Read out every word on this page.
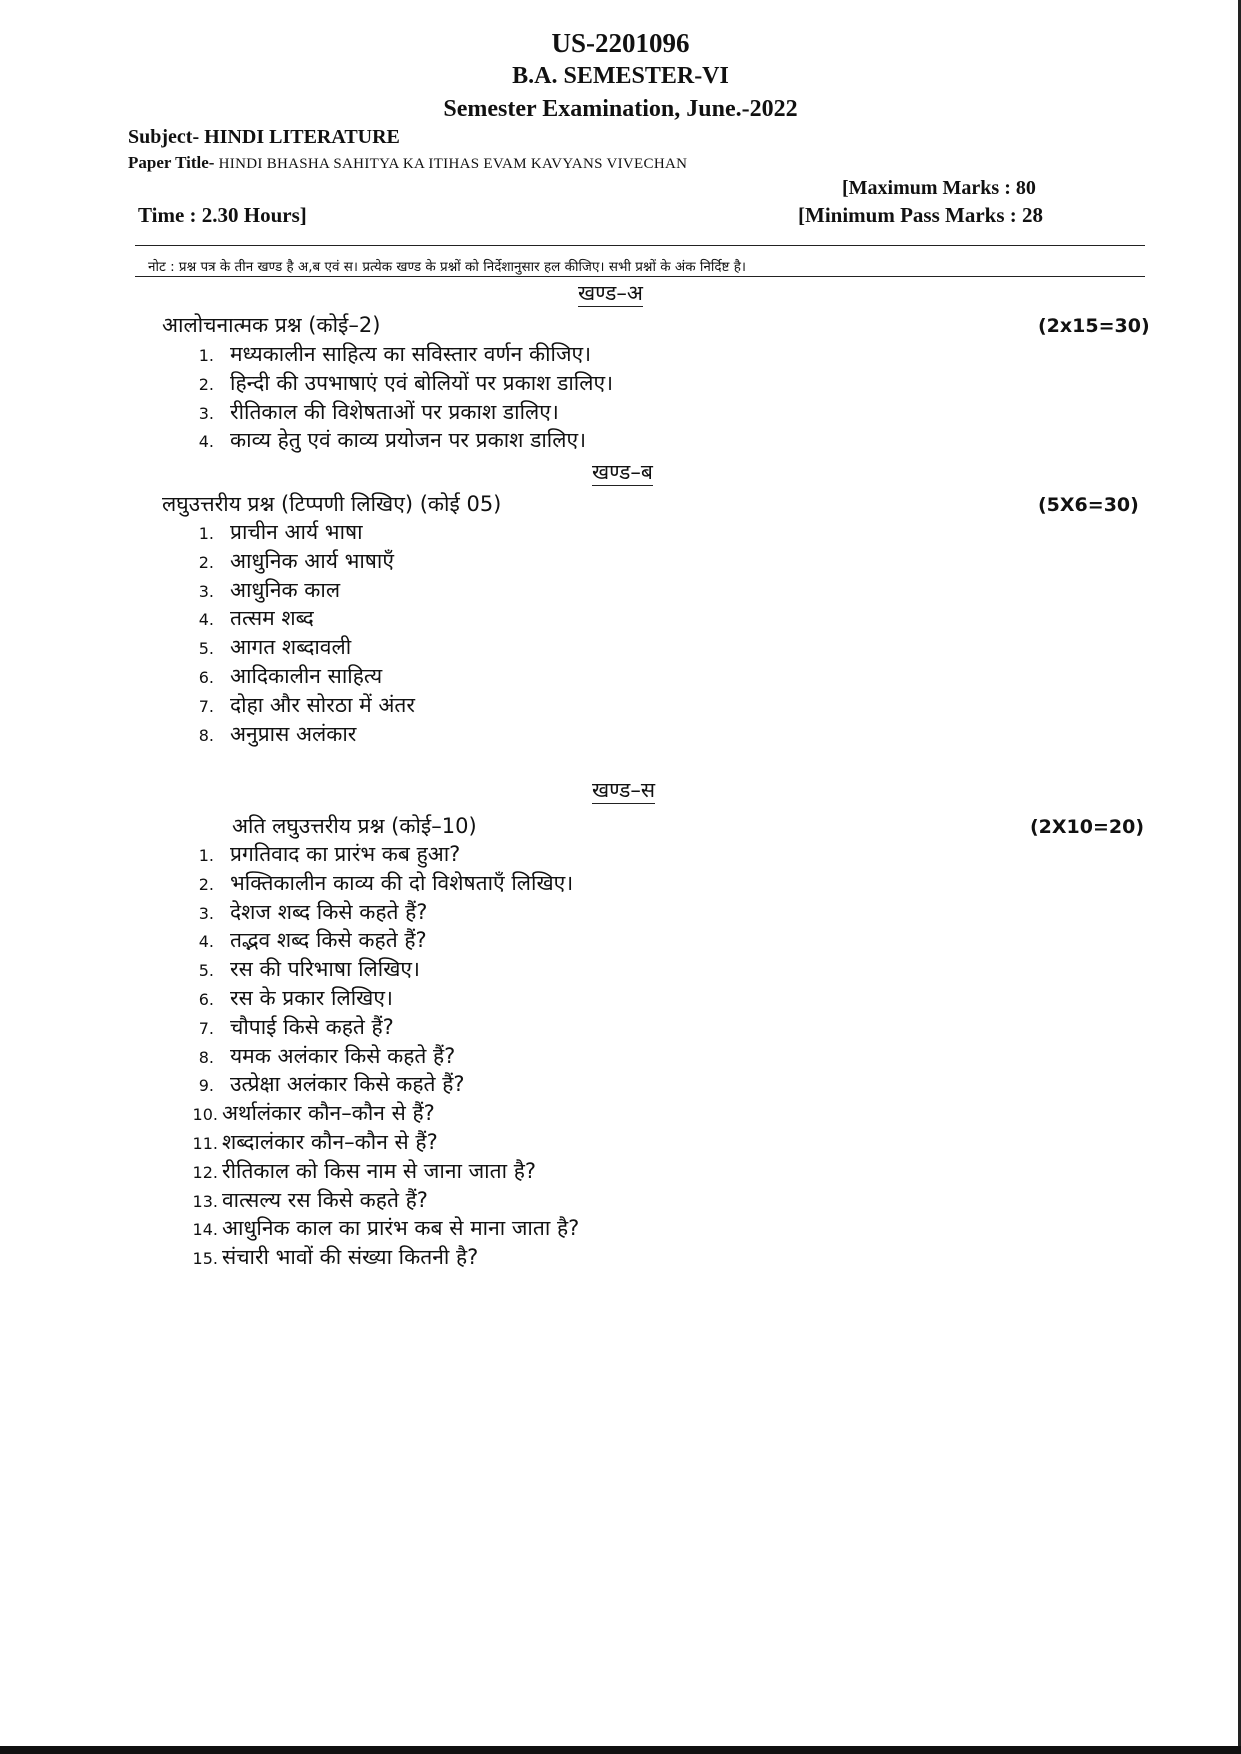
US-2201096
B.A. SEMESTER-VI
Semester Examination, June.-2022
Subject- HINDI LITERATURE
Paper Title- HINDI BHASHA SAHITYA KA ITIHAS EVAM KAVYANS VIVECHAN
[Maximum Marks : 80
Time : 2.30 Hours]	[Minimum Pass Marks : 28
नोट : प्रश्न पत्र के तीन खण्ड है अ,ब एवं स। प्रत्येक खण्ड के प्रश्नों को निर्देशानुसार हल कीजिए। सभी प्रश्नों के अंक निर्दिष्ट है।
खण्ड–अ
आलोचनात्मक प्रश्न (कोई–2)	(2x15=30)
1. मध्यकालीन साहित्य का सविस्तार वर्णन कीजिए।
2. हिन्दी की उपभाषाएं एवं बोलियों पर प्रकाश डालिए।
3. रीतिकाल की विशेषताओं पर प्रकाश डालिए।
4. काव्य हेतु एवं काव्य प्रयोजन पर प्रकाश डालिए।
खण्ड–ब
लघुउत्तरीय प्रश्न (टिप्पणी लिखिए) (कोई 05)	(5X6=30)
1. प्राचीन आर्य भाषा
2. आधुनिक आर्य भाषाएँ
3. आधुनिक काल
4. तत्सम शब्द
5. आगत शब्दावली
6. आदिकालीन साहित्य
7. दोहा और सोरठा में अंतर
8. अनुप्रास अलंकार
खण्ड–स
अति लघुउत्तरीय प्रश्न (कोई–10)	(2X10=20)
1. प्रगतिवाद का प्रारंभ कब हुआ?
2. भक्तिकालीन काव्य की दो विशेषताएँ लिखिए।
3. देशज शब्द किसे कहते हैं?
4. तद्भव शब्द किसे कहते हैं?
5. रस की परिभाषा लिखिए।
6. रस के प्रकार लिखिए।
7. चौपाई किसे कहते हैं?
8. यमक अलंकार किसे कहते हैं?
9. उत्प्रेक्षा अलंकार किसे कहते हैं?
10. अर्थालंकार कौन–कौन से हैं?
11. शब्दालंकार कौन–कौन से हैं?
12. रीतिकाल को किस नाम से जाना जाता है?
13. वात्सल्य रस किसे कहते हैं?
14. आधुनिक काल का प्रारंभ कब से माना जाता है?
15. संचारी भावों की संख्या कितनी है?
